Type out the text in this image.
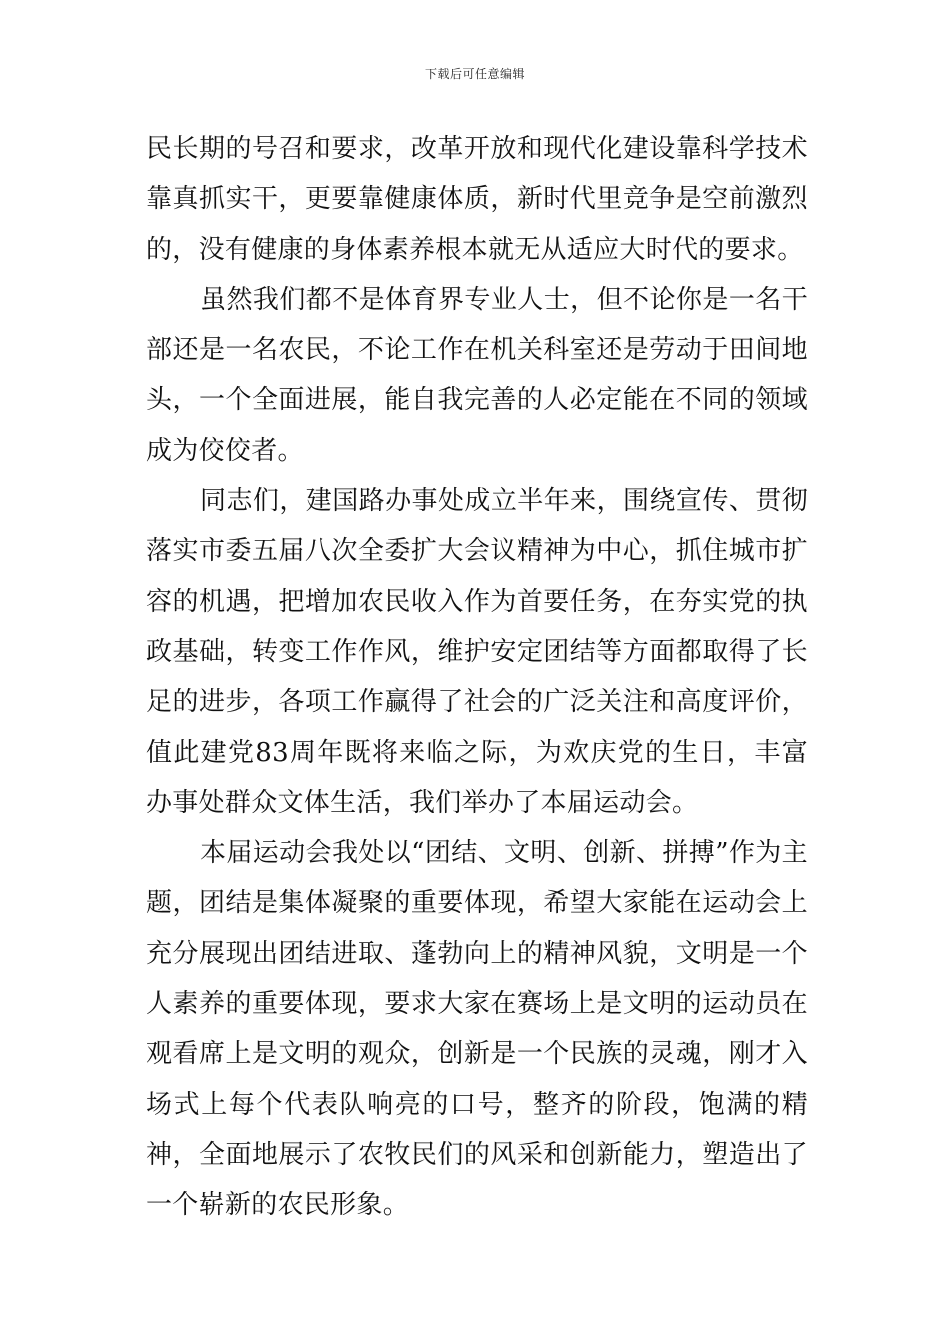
下载后可任意编辑

民长期的号召和要求，改革开放和现代化建设靠科学技术靠真抓实干，更要靠健康体质，新时代里竞争是空前激烈的，没有健康的身体素养根本就无从适应大时代的要求。

虽然我们都不是体育界专业人士，但不论你是一名干部还是一名农民，不论工作在机关科室还是劳动于田间地头，一个全面进展，能自我完善的人必定能在不同的领域成为佼佼者。

同志们，建国路办事处成立半年来，围绕宣传、贯彻落实市委五届八次全委扩大会议精神为中心，抓住城市扩容的机遇，把增加农民收入作为首要任务，在夯实党的执政基础，转变工作作风，维护安定团结等方面都取得了长足的进步，各项工作赢得了社会的广泛关注和高度评价，值此建党83周年既将来临之际，为欢庆党的生日，丰富办事处群众文体生活，我们举办了本届运动会。

本届运动会我处以“团结、文明、创新、拼搏”作为主题，团结是集体凝聚的重要体现，希望大家能在运动会上充分展现出团结进取、蓬勃向上的精神风貌，文明是一个人素养的重要体现，要求大家在赛场上是文明的运动员在观看席上是文明的观众，创新是一个民族的灵魂，刚才入场式上每个代表队响亮的口号，整齐的阶段，饱满的精神，全面地展示了农牧民们的风采和创新能力，塑造出了一个崭新的农民形象。
